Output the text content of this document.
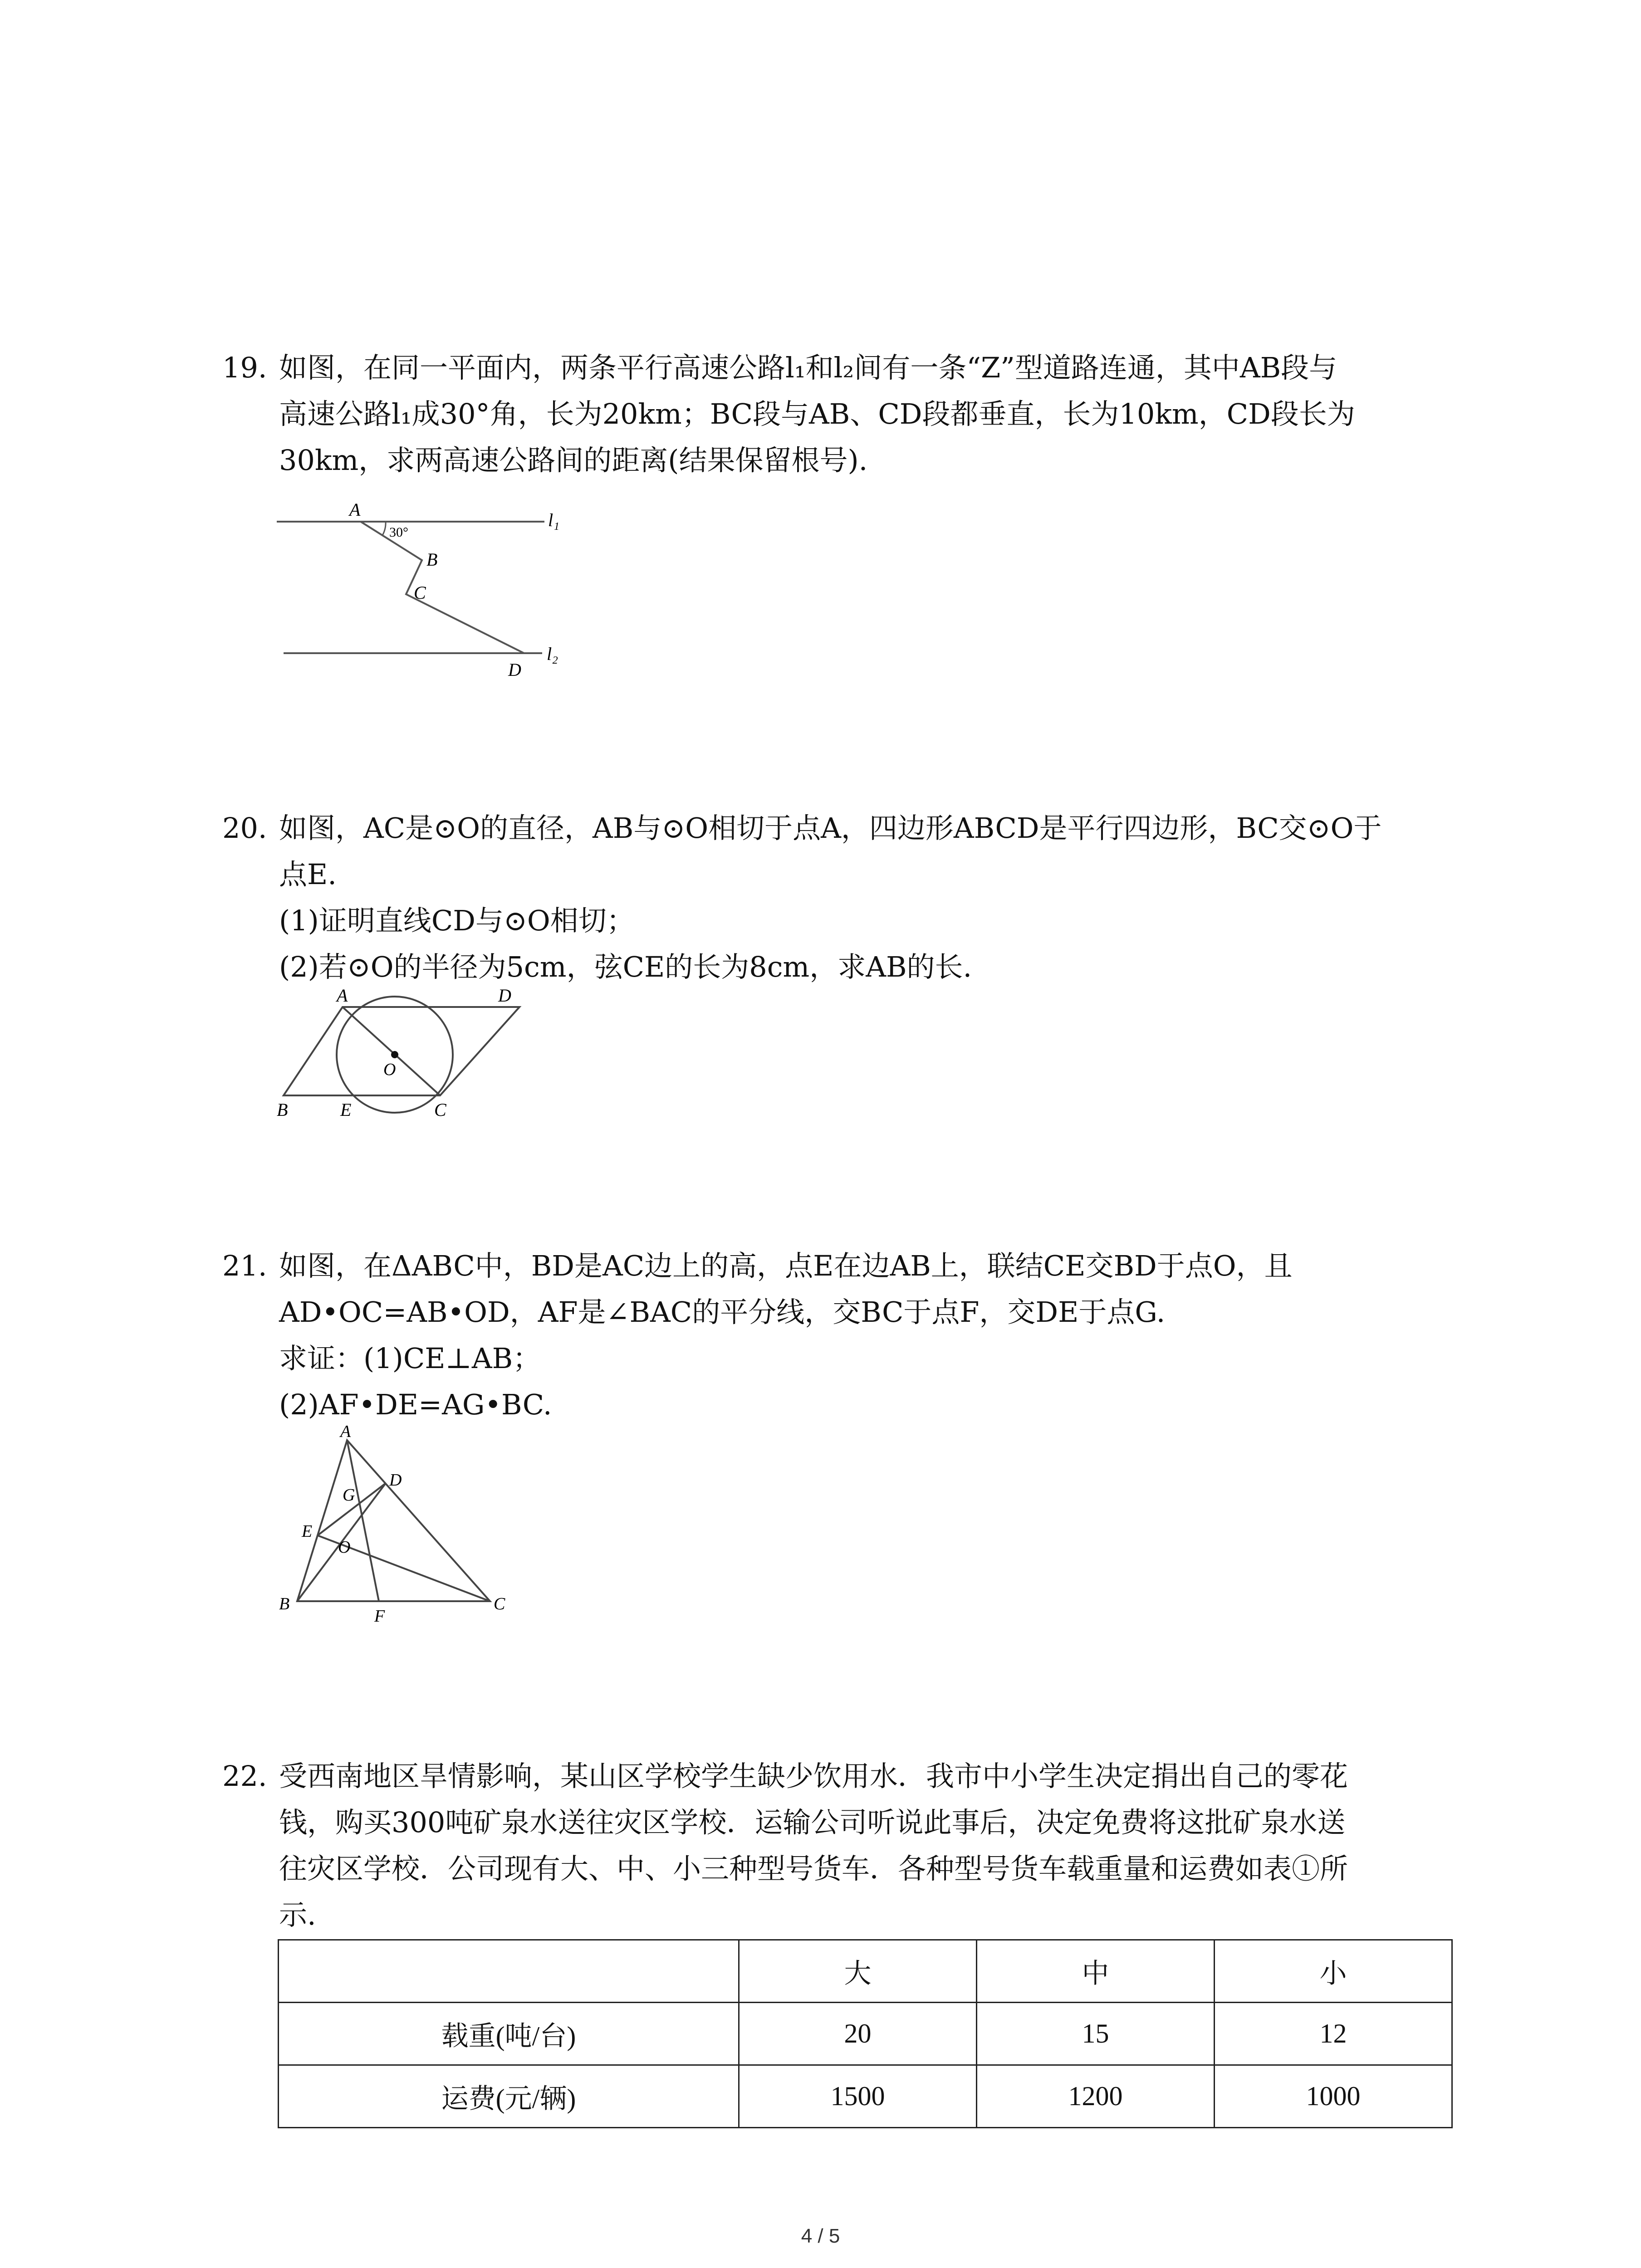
19. 如图，在同一平面内，两条平行高速公路l₁和l₂间有一条“Z”型道路连通，其中AB段与
高速公路l₁成30°角，长为20km；BC段与AB、CD段都垂直，长为10km，CD段长为
30km，求两高速公路间的距离(结果保留根号).
A
30°
B
C
D
l₁
l₂
20. 如图，AC是⊙O的直径，AB与⊙O相切于点A，四边形ABCD是平行四边形，BC交⊙O于
点E.
(1)证明直线CD与⊙O相切；
(2)若⊙O的半径为5cm，弦CE的长为8cm，求AB的长.
A	D
O
B	E	C
21. 如图，在ΔABC中，BD是AC边上的高，点E在边AB上，联结CE交BD于点O，且
AD•OC=AB•OD，AF是∠BAC的平分线，交BC于点F，交DE于点G.
求证：(1)CE⊥AB；
(2)AF•DE=AG•BC.
A
D
G
E
O
B
F
C
22. 受西南地区旱情影响，某山区学校学生缺少饮用水．我市中小学生决定捐出自己的零花
钱，购买300吨矿泉水送往灾区学校．运输公司听说此事后，决定免费将这批矿泉水送
往灾区学校．公司现有大、中、小三种型号货车．各种型号货车载重量和运费如表①所
示.
	大	中	小
载重(吨/台)	20	15	12
运费(元/辆)	1500	1200	1000
4 / 5
